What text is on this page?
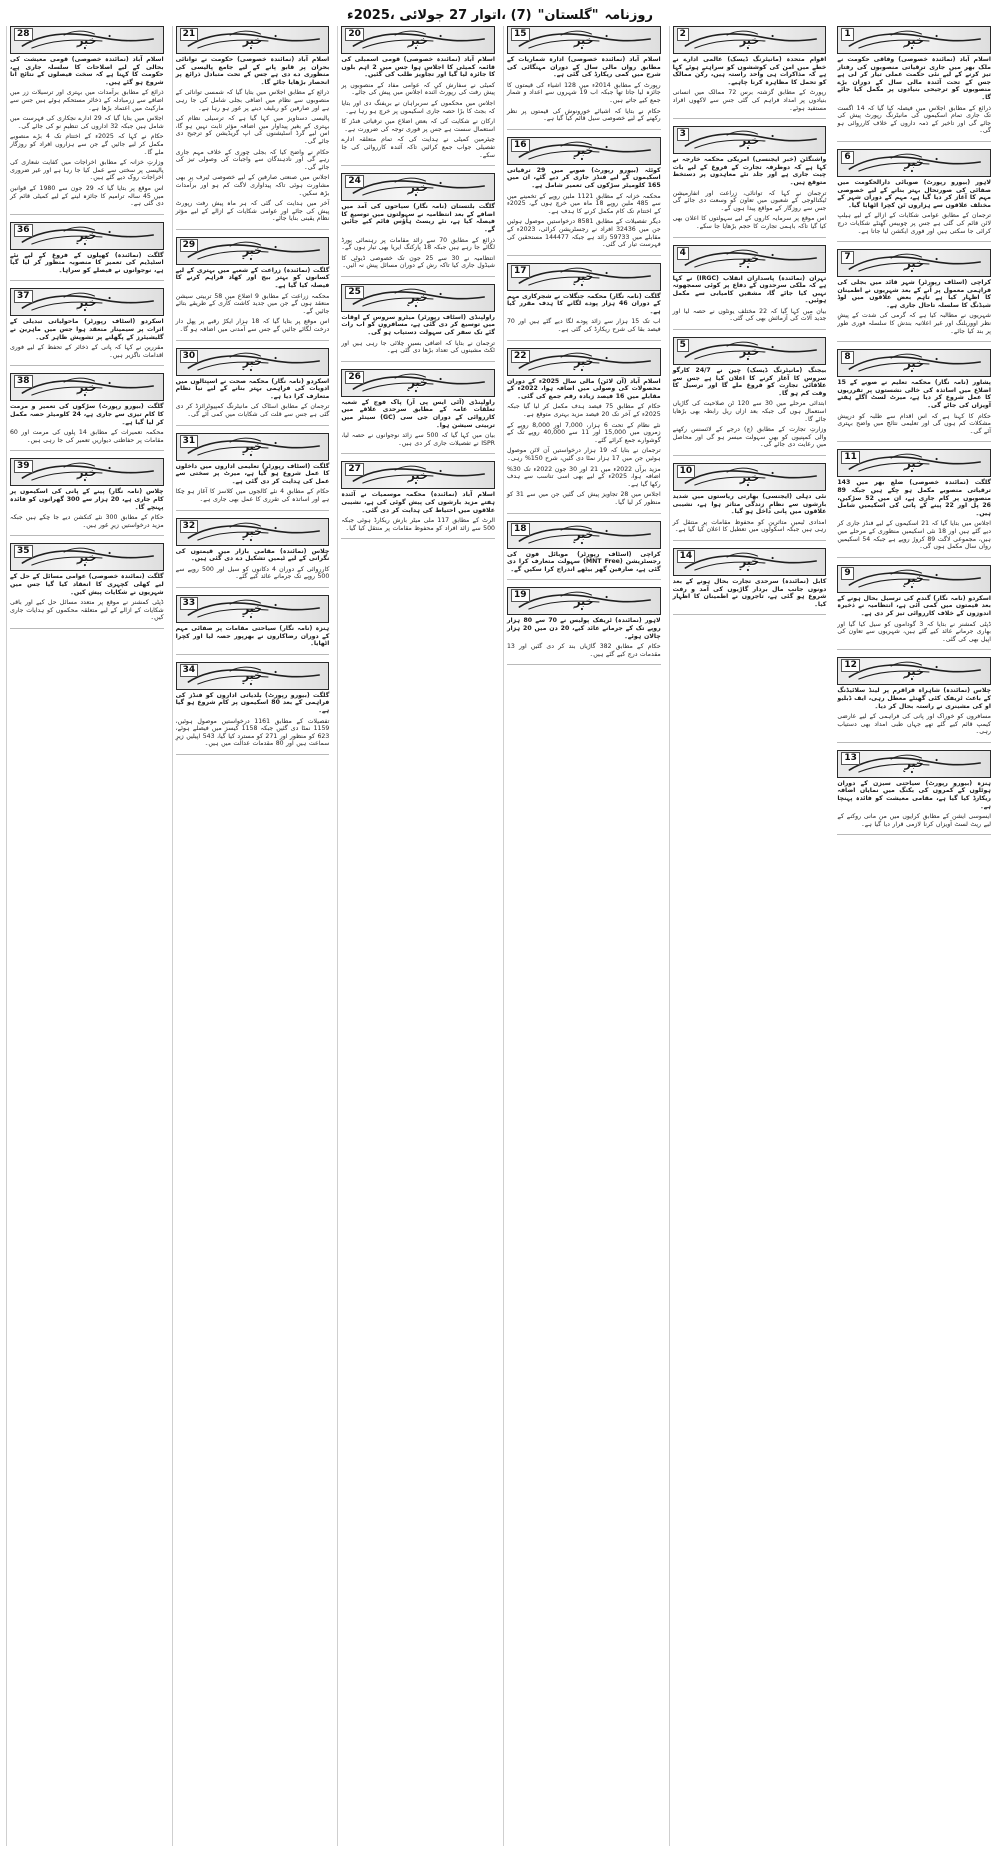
روزنامہ
"گلستان"
(7) ،اتوار 27 جولائی ،2025ء
خبر
1

اسلام آباد (نمائندہ خصوصی) وفاقی حکومت نے ملک بھر میں جاری ترقیاتی منصوبوں کی رفتار تیز کرنے کے لیے نئی حکمت عملی تیار کر لی ہے جس کے تحت آئندہ مالی سال کے دوران بڑے منصوبوں کو ترجیحی بنیادوں پر مکمل کیا جائے گا۔

ذرائع کے مطابق اجلاس میں فیصلہ کیا گیا کہ 14 اگست تک جاری تمام اسکیموں کی مانیٹرنگ رپورٹ پیش کی جائے گی اور تاخیر کے ذمہ داروں کے خلاف کارروائی ہو گی۔

خبر
6

لاہور (بیورو رپورٹ) صوبائی دارالحکومت میں صفائی کی صورتحال بہتر بنانے کے لیے خصوصی مہم کا آغاز کر دیا گیا ہے، مہم کے دوران شہر کے مختلف علاقوں سے ہزاروں ٹن کچرا اٹھایا گیا۔

ترجمان کے مطابق عوامی شکایات کے ازالے کے لیے ہیلپ لائن قائم کی گئی ہے جس پر چوبیس گھنٹے شکایات درج کرائی جا سکتی ہیں اور فوری ایکشن لیا جاتا ہے۔

خبر
7

کراچی (اسٹاف رپورٹر) شہر قائد میں بجلی کی فراہمی معمول پر آنے کے بعد شہریوں نے اطمینان کا اظہار کیا ہے تاہم بعض علاقوں میں لوڈ شیڈنگ کا سلسلہ تاحال جاری ہے۔

شہریوں نے مطالبہ کیا ہے کہ گرمی کی شدت کے پیشِ نظر اووربلنگ اور غیر اعلانیہ بندش کا سلسلہ فوری طور پر بند کیا جائے۔

خبر
8

پشاور (نامہ نگار) محکمہ تعلیم نے صوبے کے 15 اضلاع میں اساتذہ کی خالی نشستوں پر تقرریوں کا عمل شروع کر دیا ہے، میرٹ لسٹ اگلے ہفتے آویزاں کی جائے گی۔

حکام کا کہنا ہے کہ اس اقدام سے طلبہ کو درپیش مشکلات کم ہوں گی اور تعلیمی نتائج میں واضح بہتری آئے گی۔

خبر
11

گلگت (نمائندہ خصوصی) ضلع بھر میں 143 ترقیاتی منصوبے مکمل ہو چکے ہیں جبکہ 89 منصوبوں پر کام جاری ہے، ان میں 52 سڑکیں، 26 پل اور 22 پینے کے پانی کی اسکیمیں شامل ہیں۔

اجلاس میں بتایا گیا کہ 21 اسکیموں کے لیے فنڈز جاری کر دیے گئے ہیں اور 18 نئی اسکیمیں منظوری کے مرحلے میں ہیں، مجموعی لاگت 89 کروڑ روپے ہے جبکہ 54 اسکیمیں رواں سال مکمل ہوں گی۔

خبر
9

اسکردو (نامہ نگار) گندم کی ترسیل بحال ہونے کے بعد قیمتوں میں کمی آئی ہے، انتظامیہ نے ذخیرہ اندوزوں کے خلاف کارروائی تیز کر دی ہے۔

ڈپٹی کمشنر نے بتایا کہ 3 گوداموں کو سیل کیا گیا اور بھاری جرمانے عائد کیے گئے ہیں، شہریوں سے تعاون کی اپیل بھی کی گئی۔

خبر
12

چلاس (نمائندہ) شاہراہ قراقرم پر لینڈ سلائیڈنگ کے باعث ٹریفک کئی گھنٹے معطل رہی، ایف ڈبلیو او کی مشینری نے راستہ بحال کر دیا۔

مسافروں کو خوراک اور پانی کی فراہمی کے لیے عارضی کیمپ قائم کیے گئے تھے جہاں طبی امداد بھی دستیاب رہی۔

خبر
13

ہنزہ (بیورو رپورٹ) سیاحتی سیزن کے دوران ہوٹلوں کے کمروں کی بکنگ میں نمایاں اضافہ ریکارڈ کیا گیا ہے، مقامی معیشت کو فائدہ پہنچا ہے۔

ایسوسی ایشن کے مطابق کرایوں میں من مانی روکنے کے لیے ریٹ لسٹ آویزاں کرنا لازمی قرار دیا گیا ہے۔

خبر
2

اقوام متحدہ (مانیٹرنگ ڈیسک) عالمی ادارے نے خطے میں امن کی کوششوں کو سراہتے ہوئے کہا ہے کہ مذاکرات ہی واحد راستہ ہیں، رکن ممالک کو تحمل کا مظاہرہ کرنا چاہیے۔

رپورٹ کے مطابق گزشتہ برس 72 ممالک میں انسانی بنیادوں پر امداد فراہم کی گئی جس سے لاکھوں افراد مستفید ہوئے۔

خبر
3

واشنگٹن (خبر ایجنسی) امریکی محکمہ خارجہ نے کہا ہے کہ دوطرفہ تجارت کے فروغ کے لیے بات چیت جاری ہے اور جلد نئے معاہدوں پر دستخط متوقع ہیں۔

ترجمان نے کہا کہ توانائی، زراعت اور انفارمیشن ٹیکنالوجی کے شعبوں میں تعاون کو وسعت دی جائے گی جس سے روزگار کے مواقع پیدا ہوں گے۔

اس موقع پر سرمایہ کاروں کے لیے سہولتوں کا اعلان بھی کیا گیا تاکہ باہمی تجارت کا حجم بڑھایا جا سکے۔

خبر
4

تہران (نمائندہ) پاسداران انقلاب (IRGC) نے کہا ہے کہ ملکی سرحدوں کے دفاع پر کوئی سمجھوتہ نہیں کیا جائے گا، مشقیں کامیابی سے مکمل ہوئیں۔

بیان میں کہا گیا کہ 22 مختلف یونٹوں نے حصہ لیا اور جدید آلات کی آزمائش بھی کی گئی۔

خبر
5

بیجنگ (مانیٹرنگ ڈیسک) چین نے 24/7 کارگو سروس کا آغاز کرنے کا اعلان کیا ہے جس سے علاقائی تجارت کو فروغ ملے گا اور ترسیل کا وقت کم ہو گا۔

ابتدائی مرحلے میں 30 سے 120 ٹن صلاحیت کی گاڑیاں استعمال ہوں گی جبکہ بعد ازاں ریل رابطہ بھی بڑھایا جائے گا۔

وزارتِ تجارت کے مطابق (ج) درجے کے لائسنس رکھنے والی کمپنیوں کو بھی سہولت میسر ہو گی اور محاصل میں رعایت دی جائے گی۔

خبر
10

نئی دہلی (ایجنسی) بھارتی ریاستوں میں شدید بارشوں سے نظامِ زندگی متاثر ہوا ہے، نشیبی علاقوں میں پانی داخل ہو گیا۔

امدادی ٹیمیں متاثرین کو محفوظ مقامات پر منتقل کر رہی ہیں جبکہ اسکولوں میں تعطیل کا اعلان کیا گیا ہے۔

خبر
14

کابل (نمائندہ) سرحدی تجارت بحال ہونے کے بعد دونوں جانب مال بردار گاڑیوں کی آمد و رفت شروع ہو گئی ہے، تاجروں نے اطمینان کا اظہار کیا۔

خبر
15

اسلام آباد (نمائندہ خصوصی) ادارہ شماریات کے مطابق رواں مالی سال کے دوران مہنگائی کی شرح میں کمی ریکارڈ کی گئی ہے۔

رپورٹ کے مطابق 2014ء میں 128 اشیاء کی قیمتوں کا جائزہ لیا جاتا تھا جبکہ اب 19 شہروں سے اعداد و شمار جمع کیے جاتے ہیں۔

حکام نے بتایا کہ اشیائے خورونوش کی قیمتوں پر نظر رکھنے کے لیے خصوصی سیل قائم کیا گیا ہے۔

خبر
16

کوئٹہ (بیورو رپورٹ) صوبے میں 29 ترقیاتی اسکیموں کے لیے فنڈز جاری کر دیے گئے، ان میں 165 کلومیٹر سڑکوں کی تعمیر شامل ہے۔

محکمہ خزانہ کے مطابق 1121 ملین روپے کے تخمینے میں سے 485 ملین روپے 18 ماہ میں خرچ ہوں گے، 2025ء کے اختتام تک کام مکمل کرنے کا ہدف ہے۔

دیگر تفصیلات کے مطابق 8581 درخواستیں موصول ہوئیں جن میں 32436 افراد نے رجسٹریشن کرائی، 2023ء کے مقابلے میں 59733 زائد ہے جبکہ 144477 مستحقین کی فہرست تیار کی گئی۔

خبر
17

گلگت (نامہ نگار) محکمہ جنگلات نے شجرکاری مہم کے دوران 46 ہزار پودے لگانے کا ہدف مقرر کیا ہے۔

اب تک 15 ہزار سے زائد پودے لگا دیے گئے ہیں اور 70 فیصد بقا کی شرح ریکارڈ کی گئی ہے۔

خبر
22

اسلام آباد (آن لائن) مالی سال 2025ء کے دوران محصولات کی وصولی میں اضافہ ہوا، 2022ء کے مقابلے میں 16 فیصد زیادہ رقم جمع کی گئی۔

حکام کے مطابق 75 فیصد ہدف مکمل کر لیا گیا جبکہ 2025ء کے آخر تک 20 فیصد مزید بہتری متوقع ہے۔

نئے نظام کے تحت 6 ہزار، 7,000 اور 8,000 روپے کے زمروں میں 15,000 اور 11 سے 40,000 روپے تک کے گوشوارے جمع کرائے گئے۔

ترجمان نے بتایا کہ 19 ہزار درخواستیں آن لائن موصول ہوئیں جن میں 17 ہزار نمٹا دی گئیں، شرح 150% رہی۔

مزید برآں 2022ء میں 21 اور 30 جون 2022ء تک 30% اضافہ ہوا، 2025ء کے لیے بھی اسی تناسب سے ہدف رکھا گیا ہے۔

اجلاس میں 28 تجاویز پیش کی گئیں جن میں سے 31 کو منظور کر لیا گیا۔

خبر
18

کراچی (اسٹاف رپورٹر) موبائل فون کی رجسٹریشن (MNT Free) سہولت متعارف کرا دی گئی ہے، صارفین گھر بیٹھے اندراج کرا سکیں گے۔

خبر
19

لاہور (نمائندہ) ٹریفک پولیس نے 70 سے 80 ہزار روپے تک کے جرمانے عائد کیے، 20 دن میں 20 ہزار چالان ہوئے۔

حکام کے مطابق 382 گاڑیاں بند کر دی گئیں اور 13 مقدمات درج کیے گئے ہیں۔

خبر
20

اسلام آباد (نمائندہ خصوصی) قومی اسمبلی کی قائمہ کمیٹی کا اجلاس ہوا جس میں 2 اہم بلوں کا جائزہ لیا گیا اور تجاویز طلب کی گئیں۔

کمیٹی نے سفارش کی کہ عوامی مفاد کے منصوبوں پر پیش رفت کی رپورٹ آئندہ اجلاس میں پیش کی جائے۔

اجلاس میں محکموں کے سربراہان نے بریفنگ دی اور بتایا کہ بجٹ کا بڑا حصہ جاری اسکیموں پر خرچ ہو رہا ہے۔

ارکان نے شکایت کی کہ بعض اضلاع میں ترقیاتی فنڈز کا استعمال سست ہے جس پر فوری توجہ کی ضرورت ہے۔

چیئرمین کمیٹی نے ہدایت کی کہ تمام متعلقہ ادارے تفصیلی جواب جمع کرائیں تاکہ آئندہ کارروائی کی جا سکے۔

خبر
24

گلگت بلتستان (نامہ نگار) سیاحوں کی آمد میں اضافے کے بعد انتظامیہ نے سہولتوں میں توسیع کا فیصلہ کیا ہے، نئے ریسٹ ہاؤس قائم کیے جائیں گے۔

ذرائع کے مطابق 70 سے زائد مقامات پر رہنمائی بورڈ لگائے جا رہے ہیں جبکہ 18 پارکنگ ایریا بھی تیار ہوں گے۔

انتظامیہ نے 30 سے 25 جون تک خصوصی ڈیوٹی کا شیڈول جاری کیا تاکہ رش کے دوران مسائل پیش نہ آئیں۔

خبر
25

راولپنڈی (اسٹاف رپورٹر) میٹرو سروس کے اوقات میں توسیع کر دی گئی ہے، مسافروں کو اب رات گئے تک سفر کی سہولت دستیاب ہو گی۔

ترجمان نے بتایا کہ اضافی بسیں چلائی جا رہی ہیں اور ٹکٹ مشینوں کی تعداد بڑھا دی گئی ہے۔

خبر
26

راولپنڈی (آئی ایس پی آر) پاک فوج کے شعبہ تعلقات عامہ کے مطابق سرحدی علاقے میں کارروائی کے دوران جی سی (GC) سینٹر میں تربیتی سیشن ہوا۔

بیان میں کہا گیا کہ 500 سے زائد نوجوانوں نے حصہ لیا، ISPR نے تفصیلات جاری کر دی ہیں۔

خبر
27

اسلام آباد (نمائندہ) محکمہ موسمیات نے آئندہ ہفتے مزید بارشوں کی پیش گوئی کی ہے، نشیبی علاقوں میں احتیاط کی ہدایت کر دی گئی۔

الرٹ کے مطابق 117 ملی میٹر بارش ریکارڈ ہوئی جبکہ 500 سے زائد افراد کو محفوظ مقامات پر منتقل کیا گیا۔

خبر
21

اسلام آباد (نمائندہ خصوصی) حکومت نے توانائی بحران پر قابو پانے کے لیے جامع پالیسی کی منظوری دے دی ہے جس کے تحت متبادل ذرائع پر انحصار بڑھایا جائے گا۔

ذرائع کے مطابق اجلاس میں بتایا گیا کہ شمسی توانائی کے منصوبوں سے نظام میں اضافی بجلی شامل کی جا رہی ہے اور صارفین کو ریلیف دینے پر غور ہو رہا ہے۔

پالیسی دستاویز میں کہا گیا ہے کہ ترسیلی نظام کی بہتری کے بغیر پیداوار میں اضافہ مؤثر ثابت نہیں ہو گا، اس لیے گرڈ اسٹیشنوں کی اپ گریڈیشن کو ترجیح دی جائے گی۔

حکام نے واضح کیا کہ بجلی چوری کے خلاف مہم جاری رہے گی اور نادہندگان سے واجبات کی وصولی تیز کی جائے گی۔

اجلاس میں صنعتی صارفین کے لیے خصوصی ٹیرف پر بھی مشاورت ہوئی تاکہ پیداواری لاگت کم ہو اور برآمدات بڑھ سکیں۔

آخر میں ہدایت کی گئی کہ ہر ماہ پیش رفت رپورٹ پیش کی جائے اور عوامی شکایات کے ازالے کے لیے مؤثر نظام یقینی بنایا جائے۔

خبر
29

گلگت (نمائندہ) زراعت کے شعبے میں بہتری کے لیے کسانوں کو بہتر بیج اور کھاد فراہم کرنے کا فیصلہ کیا گیا ہے۔

محکمہ زراعت کے مطابق 9 اضلاع میں 58 تربیتی سیشن منعقد ہوں گے جن میں جدید کاشت کاری کے طریقے بتائے جائیں گے۔

اس موقع پر بتایا گیا کہ 18 ہزار ایکڑ رقبے پر پھل دار درخت لگائے جائیں گے جس سے آمدنی میں اضافہ ہو گا۔

خبر
30

اسکردو (نامہ نگار) محکمہ صحت نے اسپتالوں میں ادویات کی فراہمی بہتر بنانے کے لیے نیا نظام متعارف کرا دیا ہے۔

ترجمان کے مطابق اسٹاک کی مانیٹرنگ کمپیوٹرائزڈ کر دی گئی ہے جس سے قلت کی شکایات میں کمی آئے گی۔

خبر
31

گلگت (اسٹاف رپورٹر) تعلیمی اداروں میں داخلوں کا عمل شروع ہو گیا ہے، میرٹ پر سختی سے عمل کی ہدایت کر دی گئی ہے۔

حکام کے مطابق 4 نئے کالجوں میں کلاسز کا آغاز ہو چکا ہے اور اساتذہ کی تقرری کا عمل بھی جاری ہے۔

خبر
32

چلاس (نمائندہ) مقامی بازار میں قیمتوں کی نگرانی کے لیے ٹیمیں تشکیل دے دی گئی ہیں۔

کارروائی کے دوران 4 دکانوں کو سیل اور 500 روپے سے 500 روپے تک جرمانے عائد کیے گئے۔

خبر
33

ہنزہ (نامہ نگار) سیاحتی مقامات پر صفائی مہم کے دوران رضاکاروں نے بھرپور حصہ لیا اور کچرا اٹھایا۔

خبر
34

گلگت (بیورو رپورٹ) بلدیاتی اداروں کو فنڈز کی فراہمی کے بعد 80 اسکیموں پر کام شروع ہو گیا ہے۔

تفصیلات کے مطابق 1161 درخواستیں موصول ہوئیں، 1159 نمٹا دی گئیں جبکہ 1158 کیسز میں فیصلے ہوئے، 623 کو منظور اور 271 کو مسترد کیا گیا، 543 اپیلیں زیرِ سماعت ہیں اور 80 مقدمات عدالت میں ہیں۔

خبر
28

اسلام آباد (نمائندہ خصوصی) قومی معیشت کی بحالی کے لیے اصلاحات کا سلسلہ جاری ہے، حکومت کا کہنا ہے کہ سخت فیصلوں کے نتائج آنا شروع ہو گئے ہیں۔

ذرائع کے مطابق برآمدات میں بہتری اور ترسیلات زر میں اضافے سے زرمبادلہ کے ذخائر مستحکم ہوئے ہیں جس سے مارکیٹ میں اعتماد بڑھا ہے۔

اجلاس میں بتایا گیا کہ 29 ادارے نجکاری کی فہرست میں شامل ہیں جبکہ 32 اداروں کی تنظیمِ نو کی جائے گی۔

حکام نے کہا کہ 2025ء کے اختتام تک 4 بڑے منصوبے مکمل کر لیے جائیں گے جن سے ہزاروں افراد کو روزگار ملے گا۔

وزارتِ خزانہ کے مطابق اخراجات میں کفایت شعاری کی پالیسی پر سختی سے عمل کیا جا رہا ہے اور غیر ضروری اخراجات روک دیے گئے ہیں۔

اس موقع پر بتایا گیا کہ 29 جون سے 1980 کے قوانین میں 45 سالہ ترامیم کا جائزہ لینے کے لیے کمیٹی قائم کر دی گئی ہے۔

خبر
36

گلگت (نمائندہ) کھیلوں کے فروغ کے لیے نئے اسٹیڈیم کی تعمیر کا منصوبہ منظور کر لیا گیا ہے، نوجوانوں نے فیصلے کو سراہا۔

خبر
37

اسکردو (اسٹاف رپورٹر) ماحولیاتی تبدیلی کے اثرات پر سیمینار منعقد ہوا جس میں ماہرین نے گلیشیئرز کے پگھلنے پر تشویش ظاہر کی۔

مقررین نے کہا کہ پانی کے ذخائر کے تحفظ کے لیے فوری اقدامات ناگزیر ہیں۔

خبر
38

گلگت (بیورو رپورٹ) سڑکوں کی تعمیر و مرمت کا کام تیزی سے جاری ہے، 24 کلومیٹر حصہ مکمل کر لیا گیا ہے۔

محکمہ تعمیرات کے مطابق 14 پلوں کی مرمت اور 60 مقامات پر حفاظتی دیواریں تعمیر کی جا رہی ہیں۔

خبر
39

چلاس (نامہ نگار) پینے کے پانی کی اسکیموں پر کام جاری ہے، 20 ہزار سے 300 گھرانوں کو فائدہ پہنچے گا۔

حکام کے مطابق 300 نئے کنکشن دیے جا چکے ہیں جبکہ مزید درخواستیں زیرِ غور ہیں۔

خبر
35

گلگت (نمائندہ خصوصی) عوامی مسائل کے حل کے لیے کھلی کچہری کا انعقاد کیا گیا جس میں شہریوں نے شکایات پیش کیں۔

ڈپٹی کمشنر نے موقع پر متعدد مسائل حل کیے اور باقی شکایات کے ازالے کے لیے متعلقہ محکموں کو ہدایات جاری کیں۔
